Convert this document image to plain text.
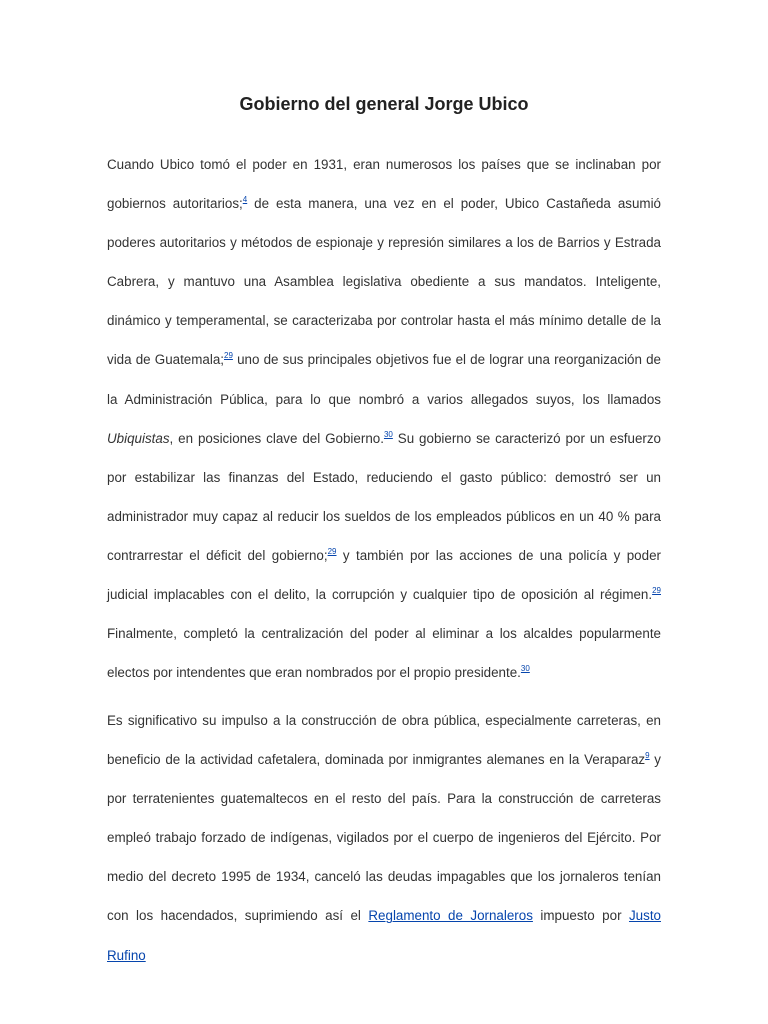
Gobierno del general Jorge Ubico

Cuando Ubico tomó el poder en 1931, eran numerosos los países que se inclinaban por gobiernos autoritarios;$^4$ de esta manera, una vez en el poder, Ubico Castañeda asumió poderes autoritarios y métodos de espionaje y represión similares a los de Barrios y Estrada Cabrera, y mantuvo una Asamblea legislativa obediente a sus mandatos. Inteligente, dinámico y temperamental, se caracterizaba por controlar hasta el más mínimo detalle de la vida de Guatemala;$^{29}$ uno de sus principales objetivos fue el de lograr una reorganización de la Administración Pública, para lo que nombró a varios allegados suyos, los llamados Ubiquistas, en posiciones clave del Gobierno.$^{30}$ Su gobierno se caracterizó por un esfuerzo por estabilizar las finanzas del Estado, reduciendo el gasto público: demostró ser un administrador muy capaz al reducir los sueldos de los empleados públicos en un 40 % para contrarrestar el déficit del gobierno;$^{29}$ y también por las acciones de una policía y poder judicial implacables con el delito, la corrupción y cualquier tipo de oposición al régimen.$^{29}$ Finalmente, completó la centralización del poder al eliminar a los alcaldes popularmente electos por intendentes que eran nombrados por el propio presidente.$^{30}$

Es significativo su impulso a la construcción de obra pública, especialmente carreteras, en beneficio de la actividad cafetalera, dominada por inmigrantes alemanes en la Veraparaz$^9$ y por terratenientes guatemaltecos en el resto del país. Para la construcción de carreteras empleó trabajo forzado de indígenas, vigilados por el cuerpo de ingenieros del Ejército. Por medio del decreto 1995 de 1934, canceló las deudas impagables que los jornaleros tenían con los hacendados, suprimiendo así el Reglamento de Jornaleros impuesto por Justo Rufino
